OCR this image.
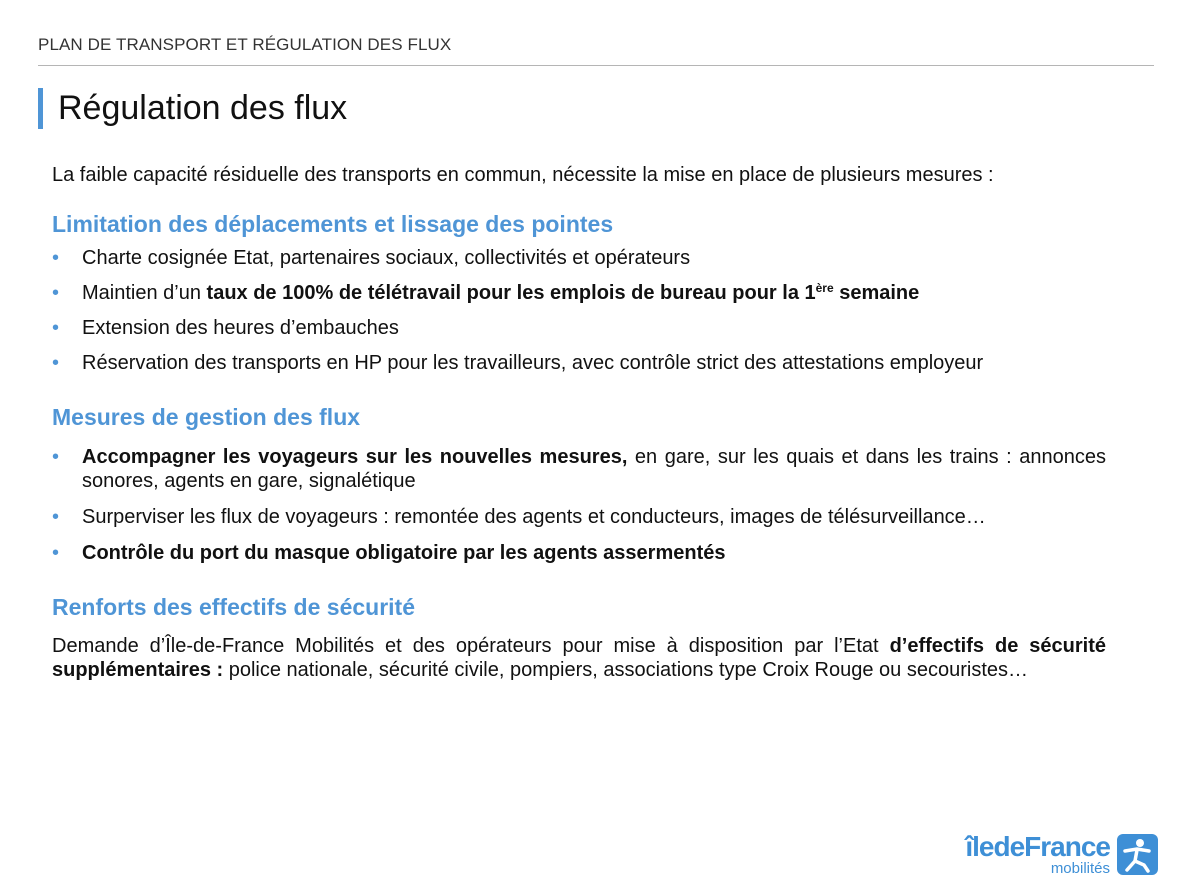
PLAN DE TRANSPORT ET RÉGULATION DES FLUX
Régulation des flux

La faible capacité résiduelle des transports en commun, nécessite la mise en place de plusieurs mesures :

Limitation des déplacements et lissage des pointes
• Charte cosignée Etat, partenaires sociaux, collectivités et opérateurs
• Maintien d’un taux de 100% de télétravail pour les emplois de bureau pour la 1ère semaine
• Extension des heures d’embauches
• Réservation des transports en HP pour les travailleurs, avec contrôle strict des attestations employeur
Mesures de gestion des flux
• Accompagner les voyageurs sur les nouvelles mesures, en gare, sur les quais et dans les trains : annonces sonores, agents en gare, signalétique
• Surperviser les flux de voyageurs : remontée des agents et conducteurs, images de télésurveillance…
• Contrôle du port du masque obligatoire par les agents assermentés
Renforts des effectifs de sécurité

Demande d’Île-de-France Mobilités et des opérateurs pour mise à disposition par l’Etat d’effectifs de sécurité supplémentaires : police nationale, sécurité civile, pompiers, associations type Croix Rouge ou secouristes…

îledeFrance
mobilités
